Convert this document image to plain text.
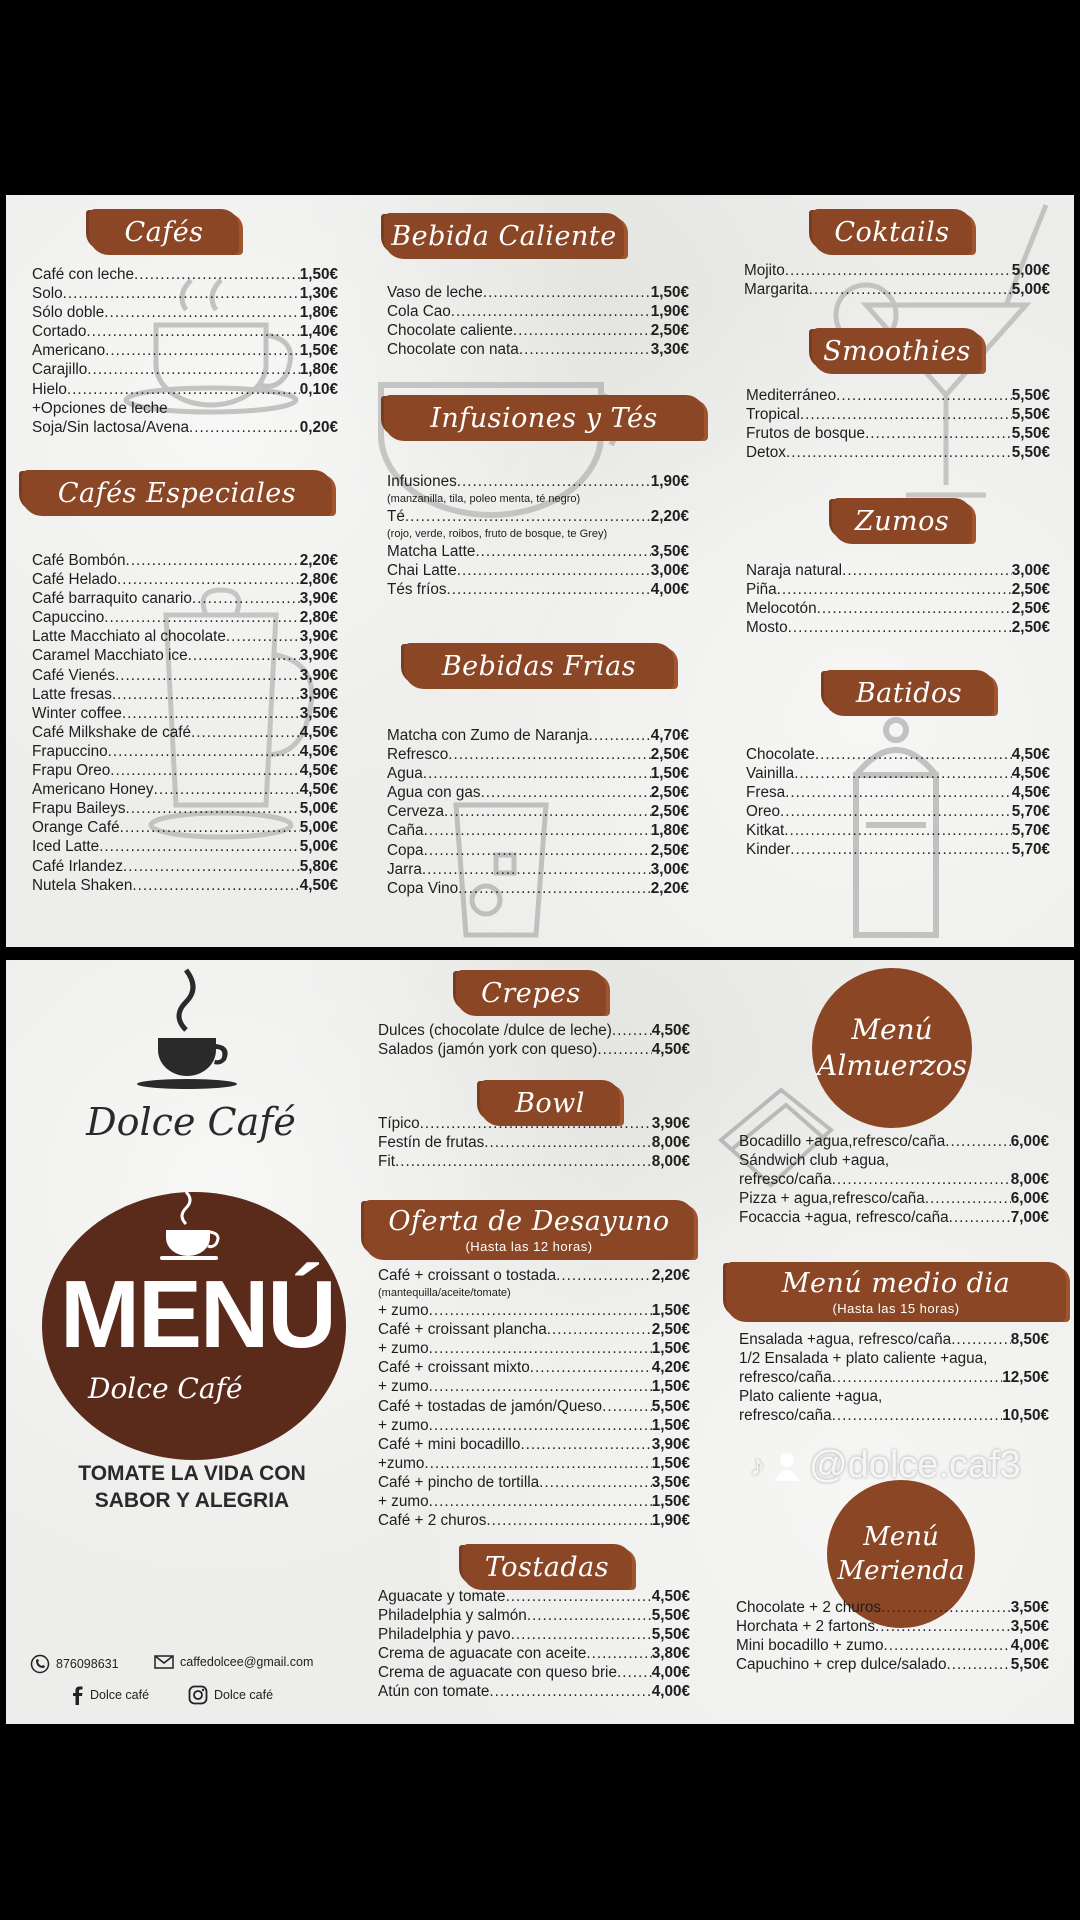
Cafés
Café con leche .....	1,50€
Solo .....	1,30€
Sólo doble .....	1,80€
Cortado .....	1,40€
Americano .....	1,50€
Carajillo .....	1,80€
Hielo .....	0,10€
+Opciones de leche
Soja/Sin lactosa/Avena .....	0,20€
Cafés Especiales
Café Bombón .....	2,20€
Café Helado .....	2,80€
Café barraquito canario .....	3,90€
Capuccino .....	2,80€
Latte Macchiato al chocolate .....	3,90€
Caramel Macchiato ice .....	3,90€
Café Vienés .....	3,90€
Latte fresas .....	3,90€
Winter coffee .....	3,50€
Café Milkshake de café .....	4,50€
Frapuccino .....	4,50€
Frapu Oreo .....	4,50€
Americano Honey .....	4,50€
Frapu Baileys .....	5,00€
Orange Café .....	5,00€
Iced Latte .....	5,00€
Café Irlandez .....	5,80€
Nutela Shaken .....	4,50€
Bebida Caliente
Vaso de leche .....	1,50€
Cola Cao .....	1,90€
Chocolate caliente .....	2,50€
Chocolate con nata .....	3,30€
Infusiones y Tés
Infusiones .....	1,90€
(manzanilla, tila, poleo menta, té negro)
Té .....	2,20€
(rojo, verde, roibos, fruto de bosque, te Grey)
Matcha Latte .....	3,50€
Chai Latte .....	3,00€
Tés fríos .....	4,00€
Bebidas Frias
Matcha con Zumo de Naranja .....	4,70€
Refresco .....	2,50€
Agua .....	1,50€
Agua con gas .....	2,50€
Cerveza .....	2,50€
Caña .....	1,80€
Copa .....	2,50€
Jarra .....	3,00€
Copa Vino .....	2,20€
Coktails
Mojito .....	5,00€
Margarita .....	5,00€
Smoothies
Mediterráneo .....	5,50€
Tropical .....	5,50€
Frutos de bosque .....	5,50€
Detox .....	5,50€
Zumos
Naraja natural .....	3,00€
Piña .....	2,50€
Melocotón .....	2,50€
Mosto .....	2,50€
Batidos
Chocolate .....	4,50€
Vainilla .....	4,50€
Fresa .....	4,50€
Oreo .....	5,70€
Kitkat .....	5,70€
Kinder .....	5,70€
Dolce Café
MENÚ
Dolce Café
TOMATE LA VIDA CON
SABOR Y ALEGRIA
876098631	caffedolcee@gmail.com
Dolce café	Dolce café
Crepes
Dulces (chocolate /dulce de leche) .....	4,50€
Salados (jamón york con queso) .....	4,50€
Bowl
Típico .....	3,90€
Festín de frutas .....	8,00€
Fit .....	8,00€
Oferta de Desayuno
(Hasta las 12 horas)
Café + croissant o tostada .....	2,20€
(mantequilla/aceite/tomate)
+ zumo .....	1,50€
Café + croissant plancha .....	2,50€
+ zumo .....	1,50€
Café + croissant mixto .....	4,20€
+ zumo .....	1,50€
Café + tostadas de jamón/Queso .....	5,50€
+ zumo .....	1,50€
Café + mini bocadillo .....	3,90€
+zumo .....	1,50€
Café + pincho de tortilla .....	3,50€
+ zumo .....	1,50€
Café + 2 churos .....	1,90€
Tostadas
Aguacate y tomate .....	4,50€
Philadelphia y salmón .....	5,50€
Philadelphia y pavo .....	5,50€
Crema de aguacate con aceite .....	3,80€
Crema de aguacate con queso brie ..... 4,00€
Atún con tomate .....	4,00€
Menú
Almuerzos
Bocadillo +agua,refresco/caña .....	6,00€
Sándwich club +agua,
refresco/caña .....	8,00€
Pizza + agua,refresco/caña .....	6,00€
Focaccia +agua, refresco/caña .....	7,00€
Menú medio dia
(Hasta las 15 horas)
Ensalada +agua, refresco/caña .....	8,50€
1/2 Ensalada + plato caliente +agua,
refresco/caña .....	12,50€
Plato caliente +agua,
refresco/caña .....	10,50€
Menú
Merienda
Chocolate + 2 churos .....	3,50€
Horchata + 2 fartons .....	3,50€
Mini bocadillo + zumo .....	4,00€
Capuchino + crep dulce/salado .....	5,50€
♪ @dolce.caf3
